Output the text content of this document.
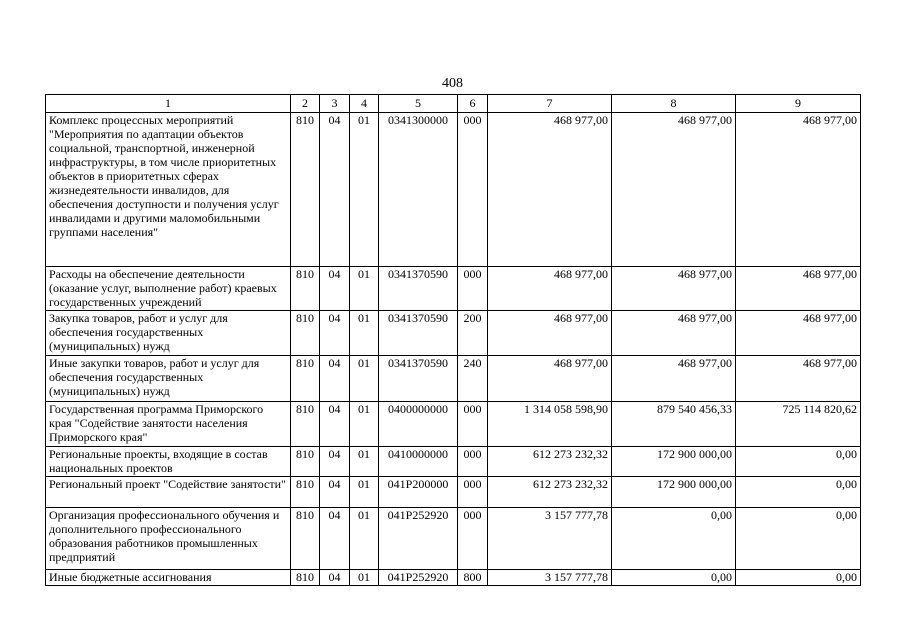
408
1	2	3	4	5	6	7	8	9
Комплекс процессных мероприятий "Мероприятия по адаптации объектов социальной, транспортной, инженерной инфраструктуры, в том числе приоритетных объектов в приоритетных сферах жизнедеятельности инвалидов, для обеспечения доступности и получения услуг инвалидами и другими маломобильными группами населения"	810	04	01	0341300000	000	468 977,00	468 977,00	468 977,00
Расходы на обеспечение деятельности (оказание услуг, выполнение работ) краевых государственных учреждений	810	04	01	0341370590	000	468 977,00	468 977,00	468 977,00
Закупка товаров, работ и услуг для обеспечения государственных (муниципальных) нужд	810	04	01	0341370590	200	468 977,00	468 977,00	468 977,00
Иные закупки товаров, работ и услуг для обеспечения государственных (муниципальных) нужд	810	04	01	0341370590	240	468 977,00	468 977,00	468 977,00
Государственная программа Приморского края "Содействие занятости населения Приморского края"	810	04	01	0400000000	000	1 314 058 598,90	879 540 456,33	725 114 820,62
Региональные проекты, входящие в состав национальных проектов	810	04	01	0410000000	000	612 273 232,32	172 900 000,00	0,00
Региональный проект "Содействие занятости"	810	04	01	041P200000	000	612 273 232,32	172 900 000,00	0,00
Организация профессионального обучения и дополнительного профессионального образования работников промышленных предприятий	810	04	01	041P252920	000	3 157 777,78	0,00	0,00
Иные бюджетные ассигнования	810	04	01	041P252920	800	3 157 777,78	0,00	0,00
